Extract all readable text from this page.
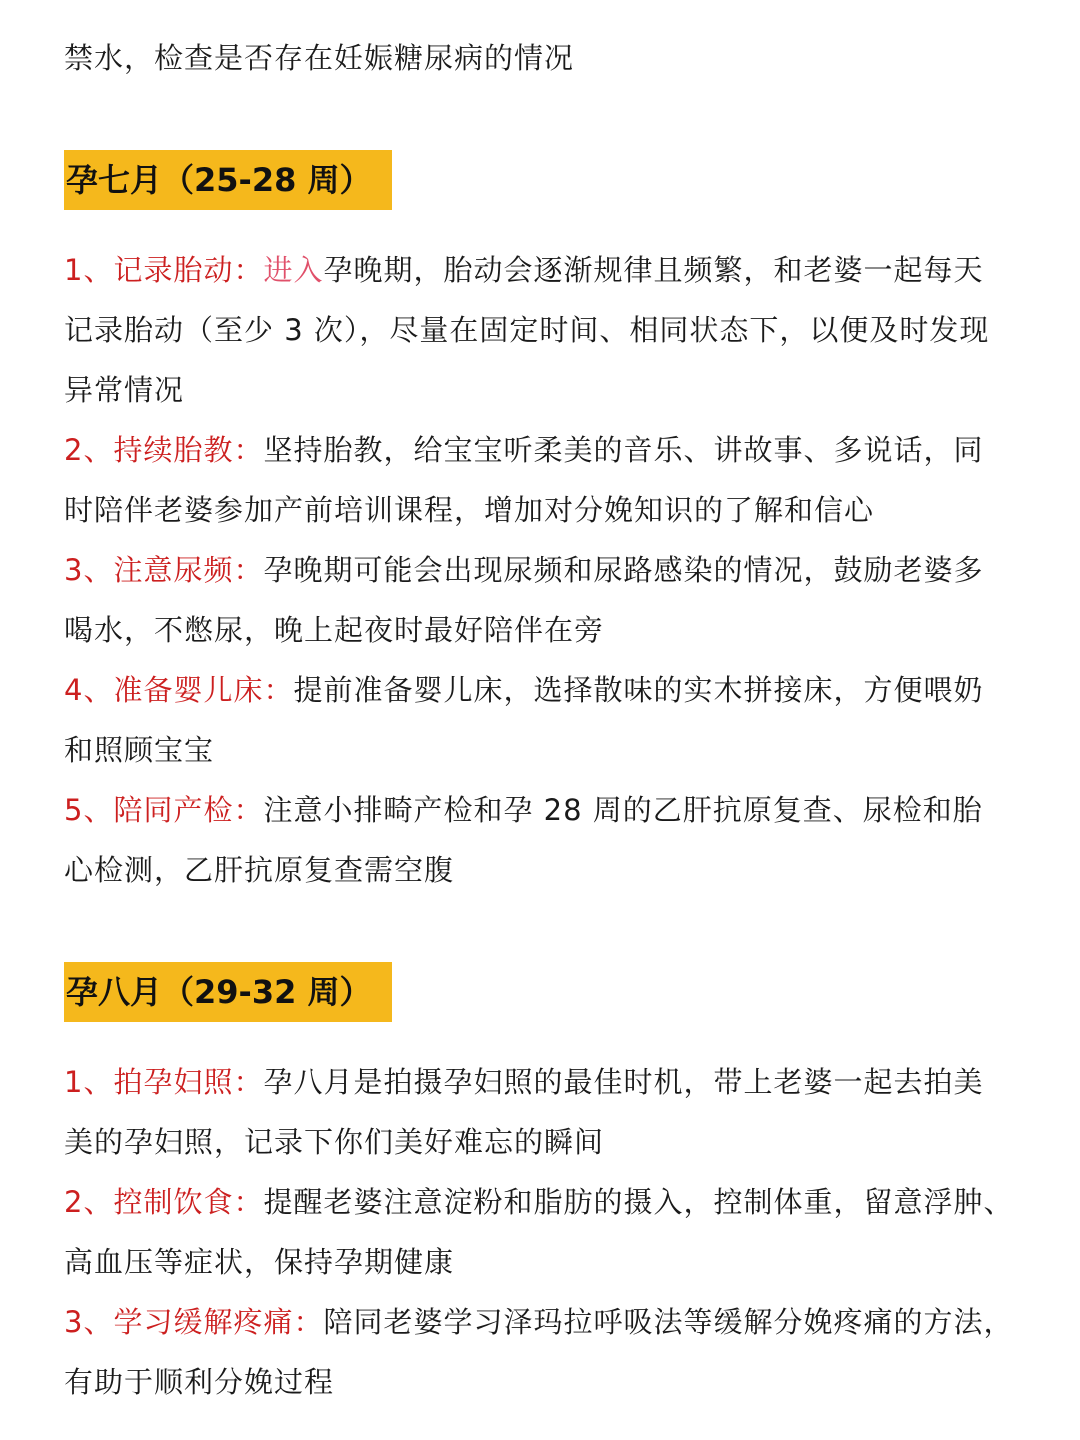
禁水，检查是否存在妊娠糖尿病的情况
孕七月（25-28 周）
1、记录胎动：进入孕晚期，胎动会逐渐规律且频繁，和老婆一起每天
记录胎动（至少 3 次），尽量在固定时间、相同状态下，以便及时发现
异常情况
2、持续胎教：坚持胎教，给宝宝听柔美的音乐、讲故事、多说话，同
时陪伴老婆参加产前培训课程，增加对分娩知识的了解和信心
3、注意尿频：孕晚期可能会出现尿频和尿路感染的情况，鼓励老婆多
喝水，不憋尿，晚上起夜时最好陪伴在旁
4、准备婴儿床：提前准备婴儿床，选择散味的实木拼接床，方便喂奶
和照顾宝宝
5、陪同产检：注意小排畸产检和孕 28 周的乙肝抗原复查、尿检和胎
心检测，乙肝抗原复查需空腹
孕八月（29-32 周）
1、拍孕妇照：孕八月是拍摄孕妇照的最佳时机，带上老婆一起去拍美
美的孕妇照，记录下你们美好难忘的瞬间
2、控制饮食：提醒老婆注意淀粉和脂肪的摄入，控制体重，留意浮肿、
高血压等症状，保持孕期健康
3、学习缓解疼痛：陪同老婆学习泽玛拉呼吸法等缓解分娩疼痛的方法，
有助于顺利分娩过程
